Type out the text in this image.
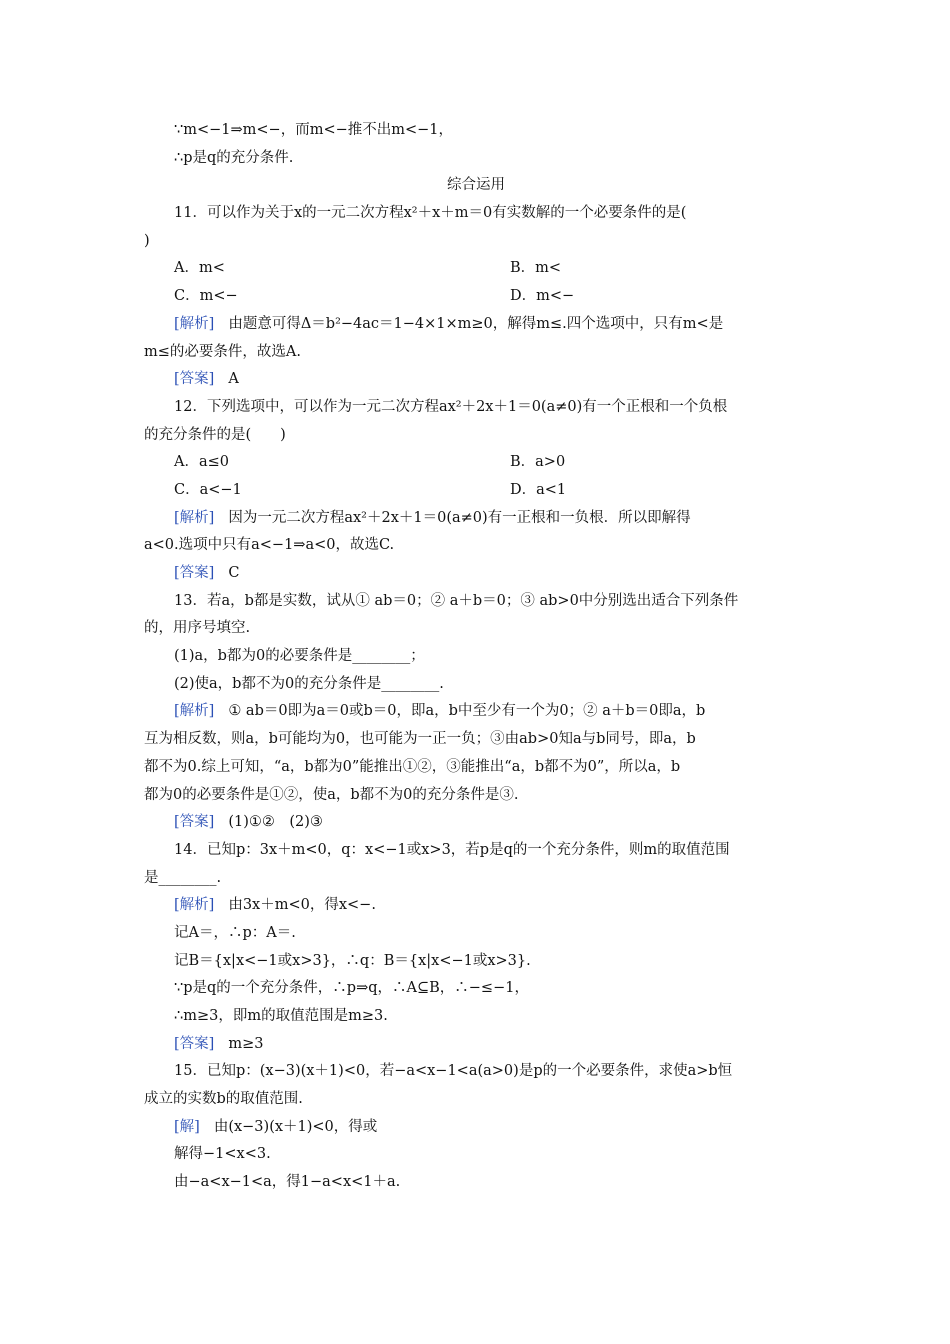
∵m<−1⇒m<−，而m<−推不出m<−1，
∴p是q的充分条件.
综合运用
11．可以作为关于x的一元二次方程x²＋x＋m＝0有实数解的一个必要条件的是(
)
A．m<	B．m<
C．m<−	D．m<−
[解析] 由题意可得Δ＝b²−4ac＝1−4×1×m≥0，解得m≤.四个选项中，只有m<是
m≤的必要条件，故选A.
[答案] A
12．下列选项中，可以作为一元二次方程ax²＋2x＋1＝0(a≠0)有一个正根和一个负根
的充分条件的是(　　)
A．a≤0	B．a>0
C．a<−1	D．a<1
[解析] 因为一元二次方程ax²＋2x＋1＝0(a≠0)有一正根和一负根．所以即解得
a<0.选项中只有a<−1⇒a<0，故选C.
[答案] C
13．若a，b都是实数，试从① ab＝0；② a＋b＝0；③ ab>0中分别选出适合下列条件
的，用序号填空.
(1)a，b都为0的必要条件是________；
(2)使a，b都不为0的充分条件是________.
[解析] ① ab＝0即为a＝0或b＝0，即a，b中至少有一个为0；② a＋b＝0即a，b
互为相反数，则a，b可能均为0，也可能为一正一负；③由ab>0知a与b同号，即a，b
都不为0.综上可知，“a，b都为0”能推出①②，③能推出“a，b都不为0”，所以a，b
都为0的必要条件是①②，使a，b都不为0的充分条件是③.
[答案] (1)①②　(2)③
14．已知p：3x＋m<0，q：x<−1或x>3，若p是q的一个充分条件，则m的取值范围
是________.
[解析] 由3x＋m<0，得x<−.
记A＝，∴p：A＝.
记B＝{x|x<−1或x>3}，∴q：B＝{x|x<−1或x>3}.
∵p是q的一个充分条件，∴p⇒q，∴A⊆B，∴−≤−1，
∴m≥3，即m的取值范围是m≥3.
[答案] m≥3
15．已知p：(x−3)(x＋1)<0，若−a<x−1<a(a>0)是p的一个必要条件，求使a>b恒
成立的实数b的取值范围.
[解] 由(x−3)(x＋1)<0，得或
解得−1<x<3.
由−a<x−1<a，得1−a<x<1＋a.
